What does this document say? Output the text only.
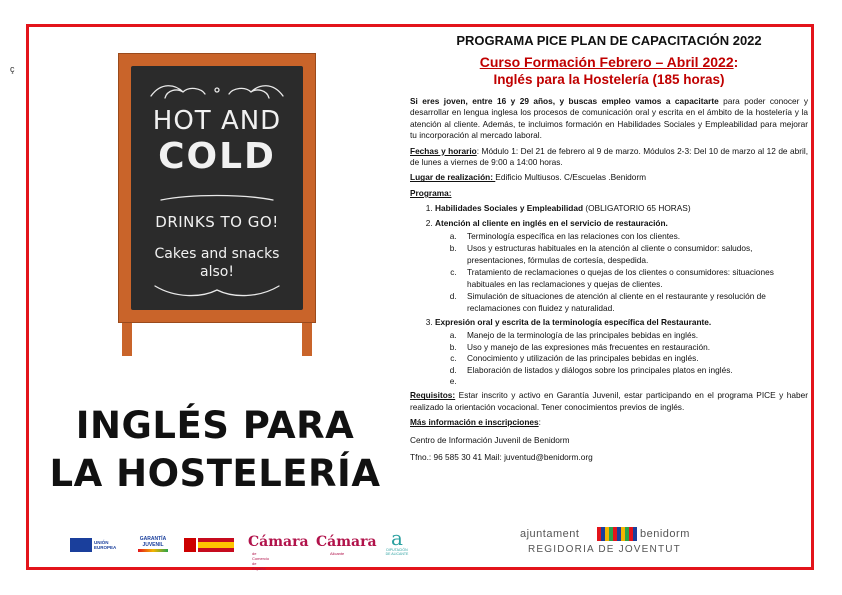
ç
HOT AND
COLD
DRINKS TO GO!
Cakes and snacks
also!
INGLÉS PARA
LA HOSTELERÍA
PROGRAMA PICE PLAN DE CAPACITACIÓN 2022
Curso Formación Febrero – Abril 2022:
Inglés para la Hostelería (185 horas)

Si eres joven, entre 16 y 29 años, y buscas empleo vamos a capacitarte para poder conocer y desarrollar en lengua inglesa los procesos de comunicación oral y escrita en el ámbito de la hostelería y la atención al cliente. Además, te incluimos formación en Habilidades Sociales y Empleabilidad para mejorar tu incorporación al mercado laboral.

Fechas y horario: Módulo 1: Del 21 de febrero al 9 de marzo. Módulos 2-3: Del 10 de marzo al 12 de abril, de lunes a viernes de 9:00 a 14:00 horas.

Lugar de realización: Edificio Multiusos. C/Escuelas .Benidorm

Programa:
1. Habilidades Sociales y Empleabilidad (OBLIGATORIO 65 HORAS)
2. Atención al cliente en inglés en el servicio de restauración.
a. Terminología específica en las relaciones con los clientes.
b. Usos y estructuras habituales en la atención al cliente o consumidor: saludos, presentaciones, fórmulas de cortesía, despedida.
c. Tratamiento de reclamaciones o quejas de los clientes o consumidores: situaciones habituales en las reclamaciones y quejas de clientes.
d. Simulación de situaciones de atención al cliente en el restaurante y resolución de reclamaciones con fluidez y naturalidad.
3. Expresión oral y escrita de la terminología específica del Restaurante.
a. Manejo de la terminología de las principales bebidas en inglés.
b. Uso y manejo de las expresiones más frecuentes en restauración.
c. Conocimiento y utilización de las principales bebidas en inglés.
d. Elaboración de listados y diálogos sobre los principales platos en inglés.
e.

Requisitos: Estar inscrito y activo en Garantía Juvenil, estar participando en el programa PICE y haber realizado la orientación vocacional. Tener conocimientos previos de inglés.

Más información e inscripciones:

Centro de Información Juvenil de Benidorm

Tfno.: 96 585 30 41 Mail: juventud@benidorm.org

UNIÓN EUROPEA
GARANTÍA JUVENIL	Cámara
de Comercio de España
Cámara
Alicante
a
DIPUTACIÓN DE ALICANTE
ajuntament	benidorm
REGIDORIA DE JOVENTUT
